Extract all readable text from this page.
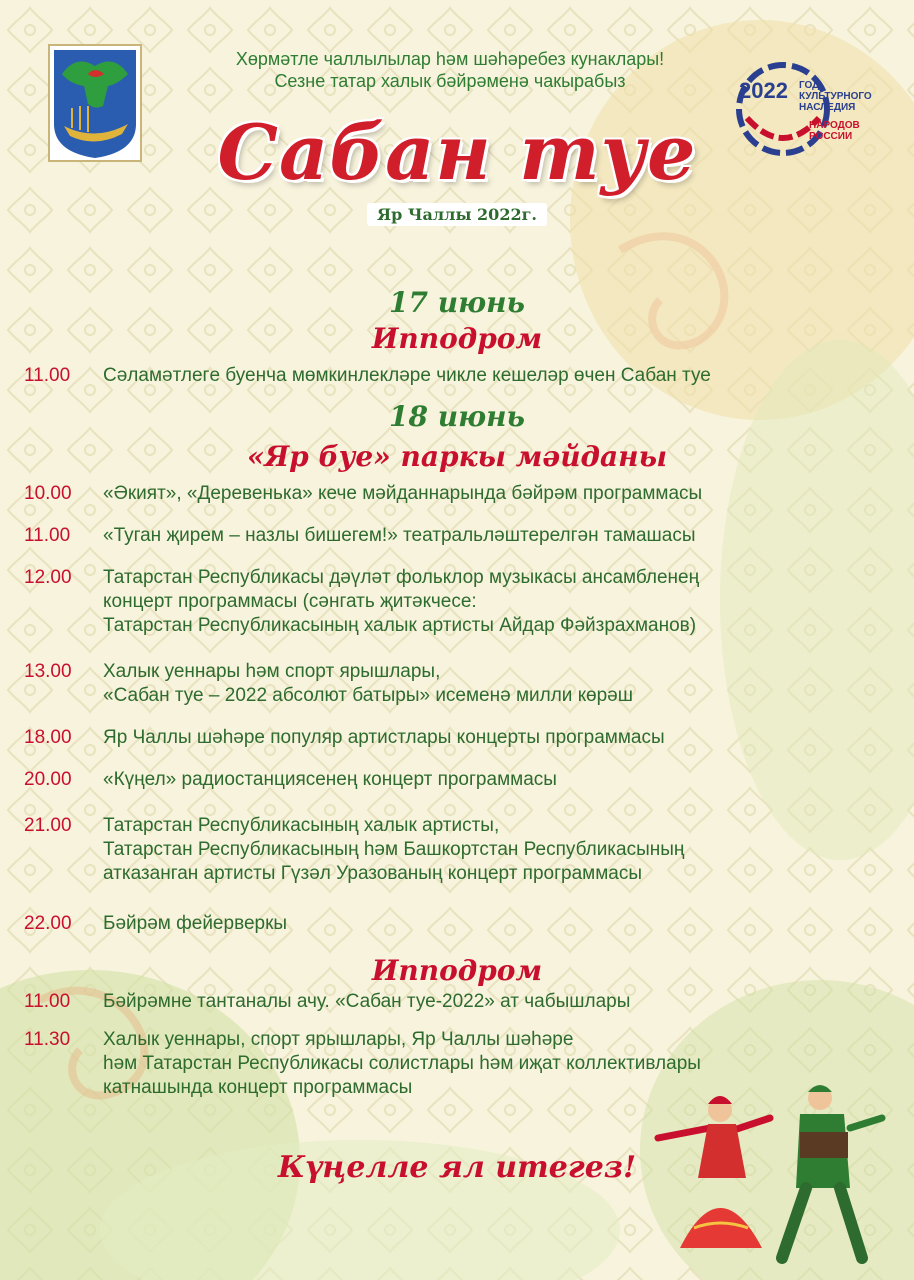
2022 ГОД
КУЛЬТУРНОГО
НАСЛЕДИЯ
НАРОДОВ
РОССИИ
Хөрмәтле чаллылылар һәм шәһәребез кунаклары!
Сезне татар халык бәйрәменә чакырабыз
Сабан туе
Яр Чаллы 2022г.
17 июнь
Ипподром
11.00 Сәламәтлегe буенча мөмкинлекләре чикле кешеләр өчен Сабан туе
18 июнь
«Яр буе» паркы мәйданы
10.00 «Әкият», «Деревенька» кече мәйданнарында бәйрәм программасы
11.00 «Туган җирем – назлы бишегем!» театральләштерелгән тамашасы
12.00 Татарстан Республикасы дәүләт фольклор музыкасы ансамбленең
концерт программасы (сәнгать җитәкчесе:
Татарстан Республикасының халык артисты Айдар Фәйзрахманов)
13.00 Халык уеннары һәм спорт ярышлары,
«Сабан туе – 2022 абсолют батыры» исеменә милли көрәш
18.00 Яр Чаллы шәһәре популяр артистлары концерты программасы
20.00 «Күңел» радиостанциясенең концерт программасы
21.00 Татарстан Республикасының халык артисты,
Татарстан Республикасының һәм Башкортстан Республикасының
атказанган артисты Гүзәл Уразованың концерт программасы
22.00 Бәйрәм фейерверкы
Ипподром
11.00 Бәйрәмне тантаналы ачу. «Сабан туе-2022» ат чабышлары
11.30 Халык уеннары, спорт ярышлары, Яр Чаллы шәһәре
һәм Татарстан Республикасы солистлары һәм иҗат коллективлары
катнашында концерт программасы
Күңелле ял итегез!
